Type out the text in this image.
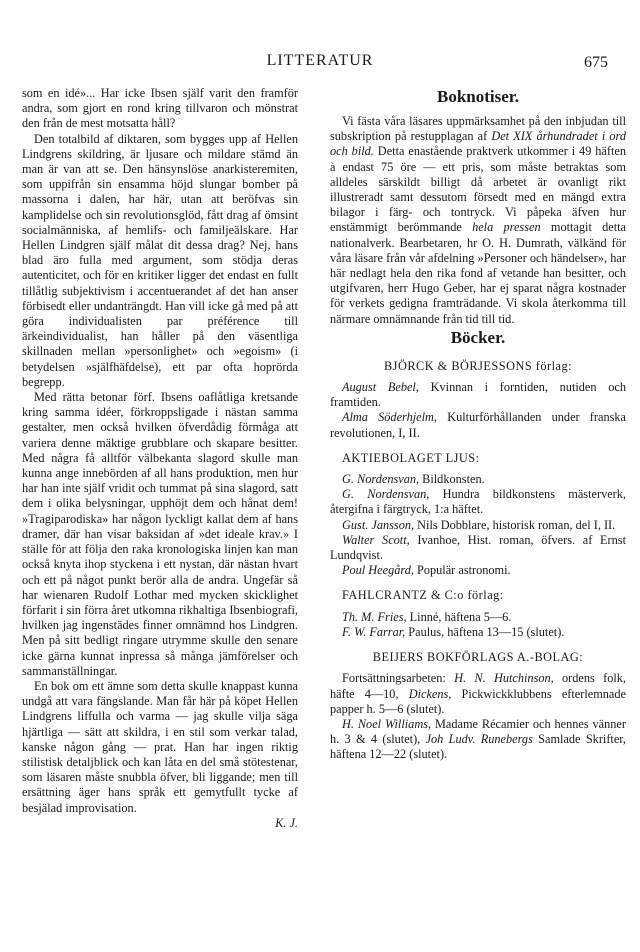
LITTERATUR	675

som en idé»... Har icke Ibsen själf varit den framför andra, som gjort en rond kring tillvaron och mönstrat den från de mest motsatta håll?

Den totalbild af diktaren, som bygges upp af Hellen Lindgrens skildring, är ljusare och mildare stämd än man är van att se. Den hänsynslöse anarkisteremiten, som uppifrån sin ensamma höjd slungar bomber på massorna i dalen, har här, utan att beröfvas sin kamplidelse och sin revolutionsglöd, fått drag af ömsint socialmänniska, af hemlifs- och familjeälskare. Har Hellen Lindgren själf målat dit dessa drag? Nej, hans blad äro fulla med argument, som stödja deras autenticitet, och för en kritiker ligger det endast en fullt tillåtlig subjektivism i accentuerandet af det han anser förbisedt eller undanträngdt. Han vill icke gå med på att göra individualisten par préférence till ärkeindividualist, han håller på den väsentliga skillnaden mellan »personlighet» och »egoism» (i betydelsen »själfhäfdelse), ett par ofta hoprörda begrepp.

Med rätta betonar förf. Ibsens oaflåtliga kretsande kring samma idéer, förkroppsligade i nästan samma gestalter, men också hvilken öfverdådig förmåga att variera denne mäktige grubblare och skapare besitter. Med några få alltför välbekanta slagord skulle man kunna ange innebörden af all hans produktion, men hur har han inte själf vridit och tummat på sina slagord, satt dem i olika belysningar, upphöjt dem och hånat dem! »Tragiparodiska» har någon lyckligt kallat dem af hans dramer, där han visar baksidan af »det ideale krav.» I ställe för att följa den raka kronologiska linjen kan man också knyta ihop styckena i ett nystan, där nästan hvart och ett på något punkt berör alla de andra. Ungefär så har wienaren Rudolf Lothar med mycken skicklighet förfarit i sin förra året utkomna rikhaltiga Ibsenbiografi, hvilken jag ingenstädes finner omnämnd hos Lindgren. Men på sitt bedligt ringare utrymme skulle den senare icke gärna kunnat inpressa så många jämförelser och sammanställningar.

En bok om ett ämne som detta skulle knappast kunna undgå att vara fängslande. Man får här på köpet Hellen Lindgrens liffulla och varma — jag skulle vilja säga hjärtliga — sätt att skildra, i en stil som verkar talad, kanske någon gång — prat. Han har ingen riktig stilistisk detaljblick och kan låta en del små stötestenar, som läsaren måste snubbla öfver, bli liggande; men till ersättning äger hans språk ett gemytfullt tycke af besjälad improvisation.

K. J.
Boknotiser.

Vi fästa våra läsares uppmärksamhet på den inbjudan till subskription på restupplagan af Det XIX århundradet i ord och bild. Detta enastående praktverk utkommer i 49 häften à endast 75 öre — ett pris, som måste betraktas som alldeles särskildt billigt då arbetet är ovanligt rikt illustreradt samt dessutom försedt med en mängd extra bilagor i färg- och tontryck. Vi påpeka äfven hur enstämmigt berömmande hela pressen mottagit detta nationalverk. Bearbetaren, hr O. H. Dumrath, välkänd för våra läsare från vår afdelning »Personer och händelser», har här nedlagt hela den rika fond af vetande han besitter, och utgifvaren, herr Hugo Geber, har ej sparat några kostnader för verkets gedigna framträdande. Vi skola återkomma till närmare omnämnande från tid till tid.

Böcker.
BJÖRCK & BÖRJESSONS förlag:

August Bebel, Kvinnan i forntiden, nutiden och framtiden.

Alma Söderhjelm, Kulturförhållanden under franska revolutionen, I, II.

AKTIEBOLAGET LJUS:

G. Nordensvan, Bildkonsten.

G. Nordensvan, Hundra bildkonstens mästerverk, återgifna i färgtryck, 1:a häftet.

Gust. Jansson, Nils Dobblare, historisk roman, del I, II.

Walter Scott, Ivanhoe, Hist. roman, öfvers. af Ernst Lundqvist.

Poul Heegård, Populär astronomi.

FAHLCRANTZ & C:o förlag:

Th. M. Fries, Linné, häftena 5—6.

F. W. Farrar, Paulus, häftena 13—15 (slutet).

BEIJERS BOKFÖRLAGS A.-BOLAG:

Fortsättningsarbeten: H. N. Hutchinson, ordens folk, häfte 4—10, Dickens, Pickwickklubbens efterlemnade papper h. 5—6 (slutet).

H. Noel Williams, Madame Récamier och hennes vänner h. 3 & 4 (slutet), Joh Ludv. Runebergs Samlade Skrifter, häftena 12—22 (slutet).
